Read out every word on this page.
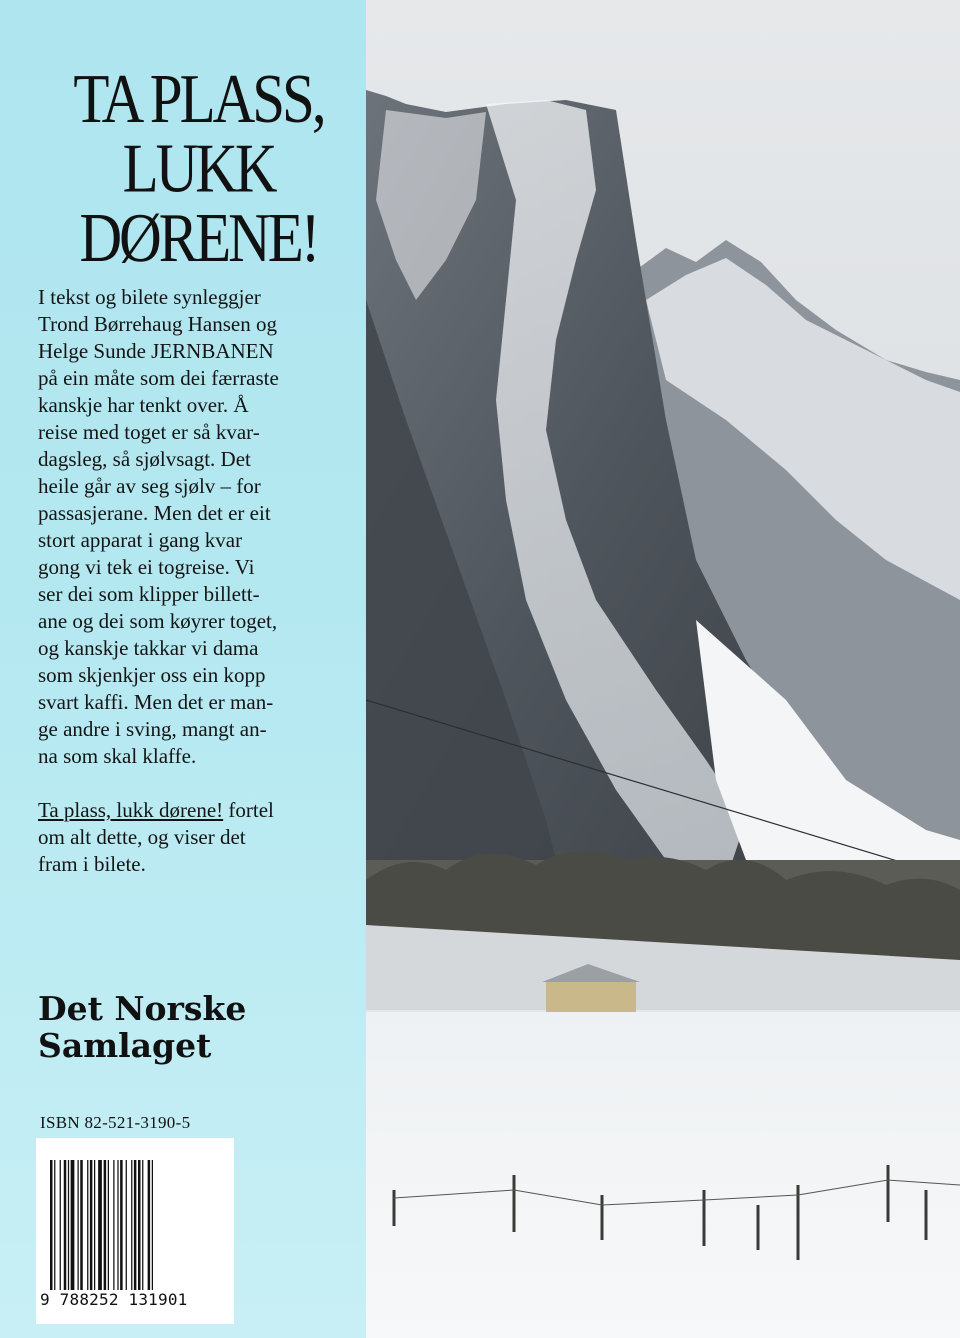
TA PLASS,
LUKK
DØRENE!

I tekst og bilete synleggjer

Trond Børrehaug Hansen og

Helge Sunde JERNBANEN

på ein måte som dei færraste

kanskje har tenkt over. Å

reise med toget er så kvar-

dagsleg, så sjølvsagt. Det

heile går av seg sjølv – for

passasjerane. Men det er eit

stort apparat i gang kvar

gong vi tek ei togreise. Vi

ser dei som klipper billett-

ane og dei som køyrer toget,

og kanskje takkar vi dama

som skjenkjer oss ein kopp

svart kaffi. Men det er man-

ge andre i sving, mangt an-

na som skal klaffe.

Ta plass, lukk dørene! fortel

om alt dette, og viser det

fram i bilete.

Det Norske
Samlaget
ISBN 82-521-3190-5
9 788252 131901
